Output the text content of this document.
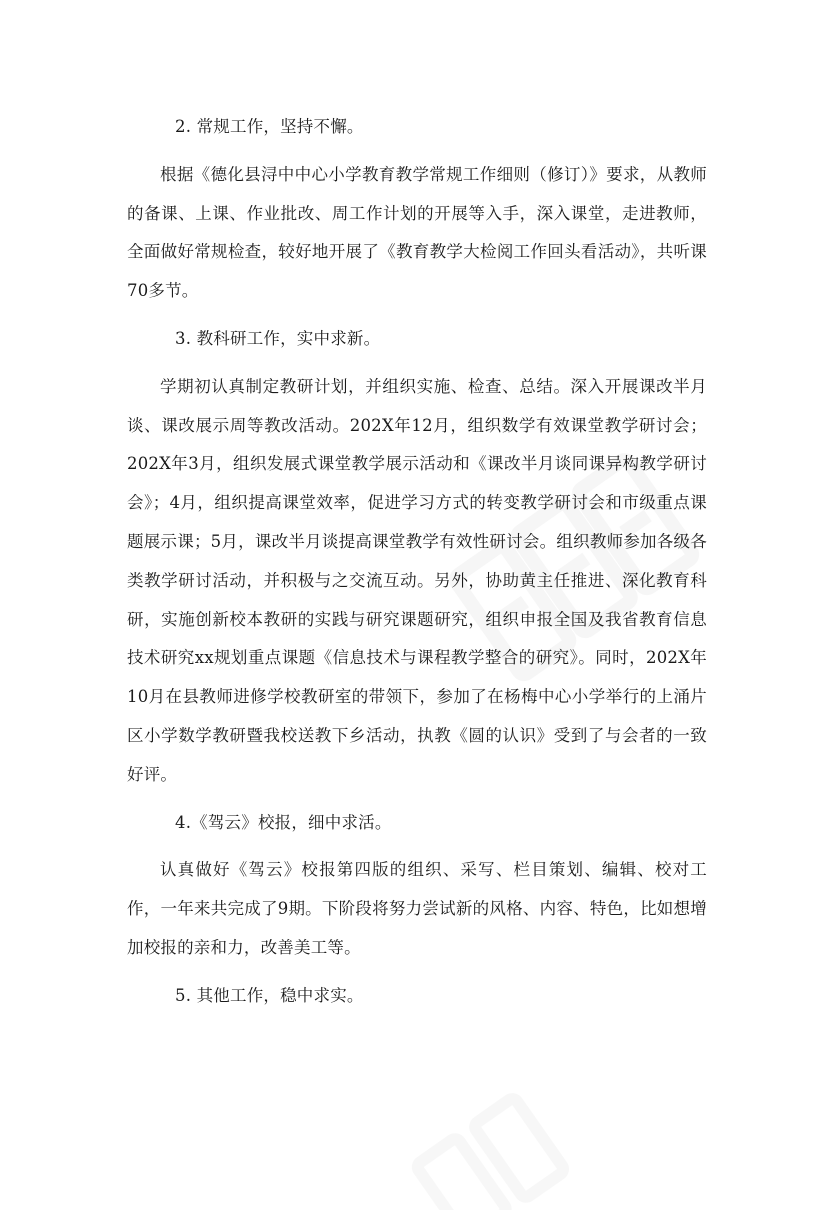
2. 常规工作，坚持不懈。

根据《德化县浔中中心小学教育教学常规工作细则（修订）》要求，从教师的备课、上课、作业批改、周工作计划的开展等入手，深入课堂，走进教师，全面做好常规检查，较好地开展了《教育教学大检阅工作回头看活动》，共听课70多节。

3. 教科研工作，实中求新。

学期初认真制定教研计划，并组织实施、检查、总结。深入开展课改半月谈、课改展示周等教改活动。202X年12月，组织数学有效课堂教学研讨会；202X年3月，组织发展式课堂教学展示活动和《课改半月谈同课异构教学研讨会》；4月，组织提高课堂效率，促进学习方式的转变教学研讨会和市级重点课题展示课；5月，课改半月谈提高课堂教学有效性研讨会。组织教师参加各级各类教学研讨活动，并积极与之交流互动。另外，协助黄主任推进、深化教育科研，实施创新校本教研的实践与研究课题研究，组织申报全国及我省教育信息技术研究xx规划重点课题《信息技术与课程教学整合的研究》。同时，202X年10月在县教师进修学校教研室的带领下，参加了在杨梅中心小学举行的上涌片区小学数学教研暨我校送教下乡活动，执教《圆的认识》受到了与会者的一致好评。

4.《驾云》校报，细中求活。

认真做好《驾云》校报第四版的组织、采写、栏目策划、编辑、校对工作，一年来共完成了9期。下阶段将努力尝试新的风格、内容、特色，比如想增加校报的亲和力，改善美工等。

5. 其他工作，稳中求实。
